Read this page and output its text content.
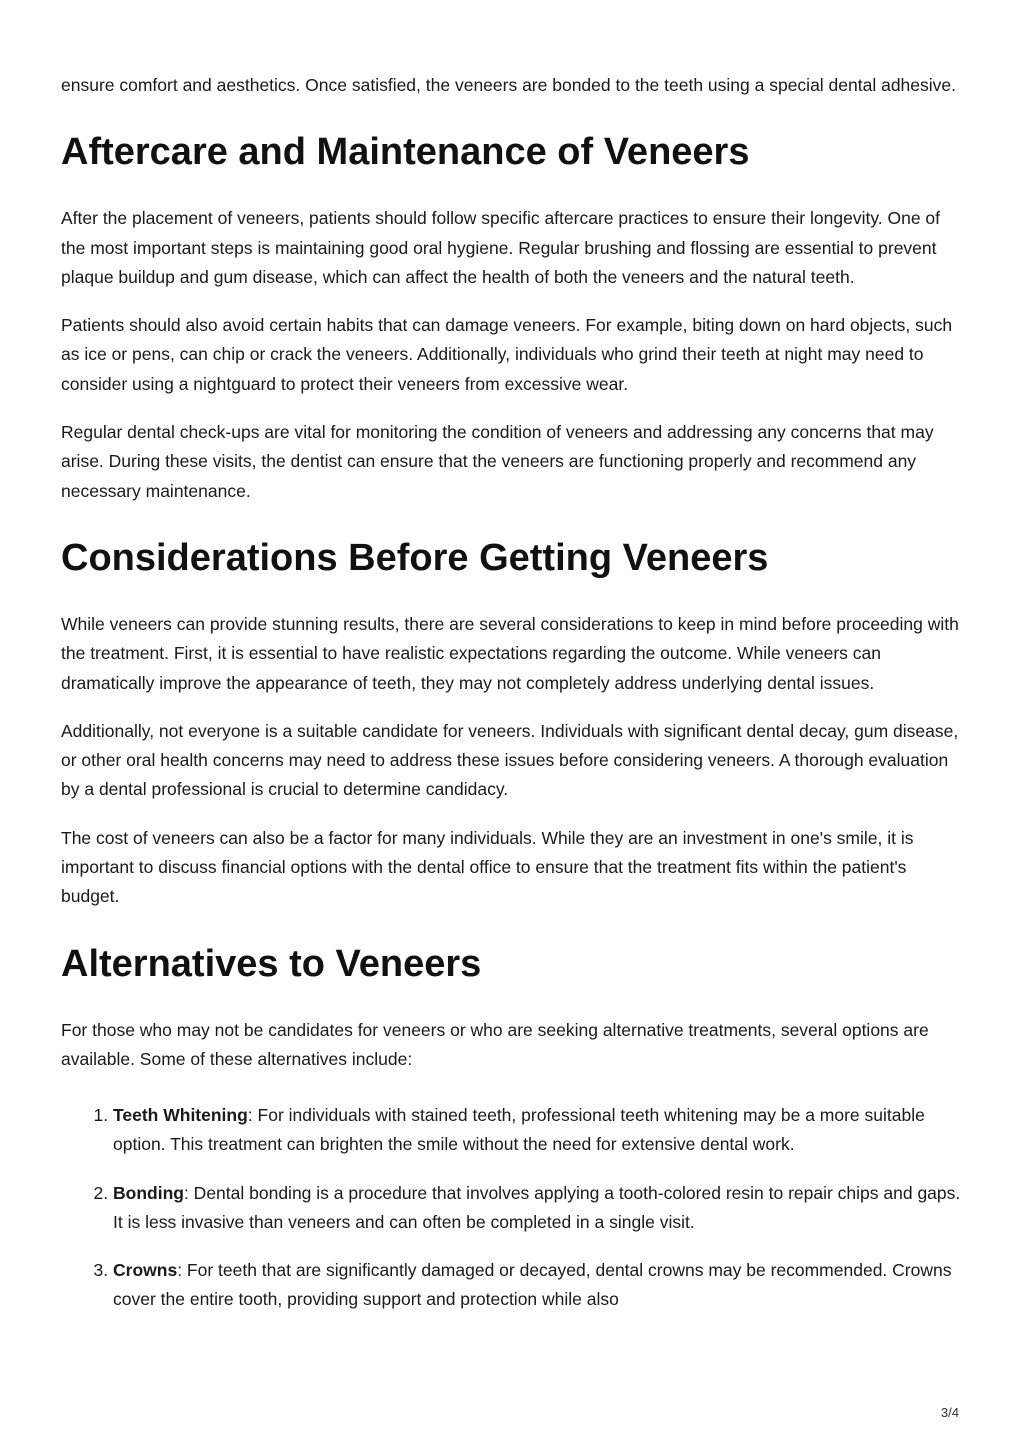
ensure comfort and aesthetics. Once satisfied, the veneers are bonded to the teeth using a special dental adhesive.

Aftercare and Maintenance of Veneers

After the placement of veneers, patients should follow specific aftercare practices to ensure their longevity. One of the most important steps is maintaining good oral hygiene. Regular brushing and flossing are essential to prevent plaque buildup and gum disease, which can affect the health of both the veneers and the natural teeth.

Patients should also avoid certain habits that can damage veneers. For example, biting down on hard objects, such as ice or pens, can chip or crack the veneers. Additionally, individuals who grind their teeth at night may need to consider using a nightguard to protect their veneers from excessive wear.

Regular dental check-ups are vital for monitoring the condition of veneers and addressing any concerns that may arise. During these visits, the dentist can ensure that the veneers are functioning properly and recommend any necessary maintenance.

Considerations Before Getting Veneers

While veneers can provide stunning results, there are several considerations to keep in mind before proceeding with the treatment. First, it is essential to have realistic expectations regarding the outcome. While veneers can dramatically improve the appearance of teeth, they may not completely address underlying dental issues.

Additionally, not everyone is a suitable candidate for veneers. Individuals with significant dental decay, gum disease, or other oral health concerns may need to address these issues before considering veneers. A thorough evaluation by a dental professional is crucial to determine candidacy.

The cost of veneers can also be a factor for many individuals. While they are an investment in one's smile, it is important to discuss financial options with the dental office to ensure that the treatment fits within the patient's budget.

Alternatives to Veneers

For those who may not be candidates for veneers or who are seeking alternative treatments, several options are available. Some of these alternatives include:

1. Teeth Whitening: For individuals with stained teeth, professional teeth whitening may be a more suitable option. This treatment can brighten the smile without the need for extensive dental work.
2. Bonding: Dental bonding is a procedure that involves applying a tooth-colored resin to repair chips and gaps. It is less invasive than veneers and can often be completed in a single visit.
3. Crowns: For teeth that are significantly damaged or decayed, dental crowns may be recommended. Crowns cover the entire tooth, providing support and protection while also
3/4
